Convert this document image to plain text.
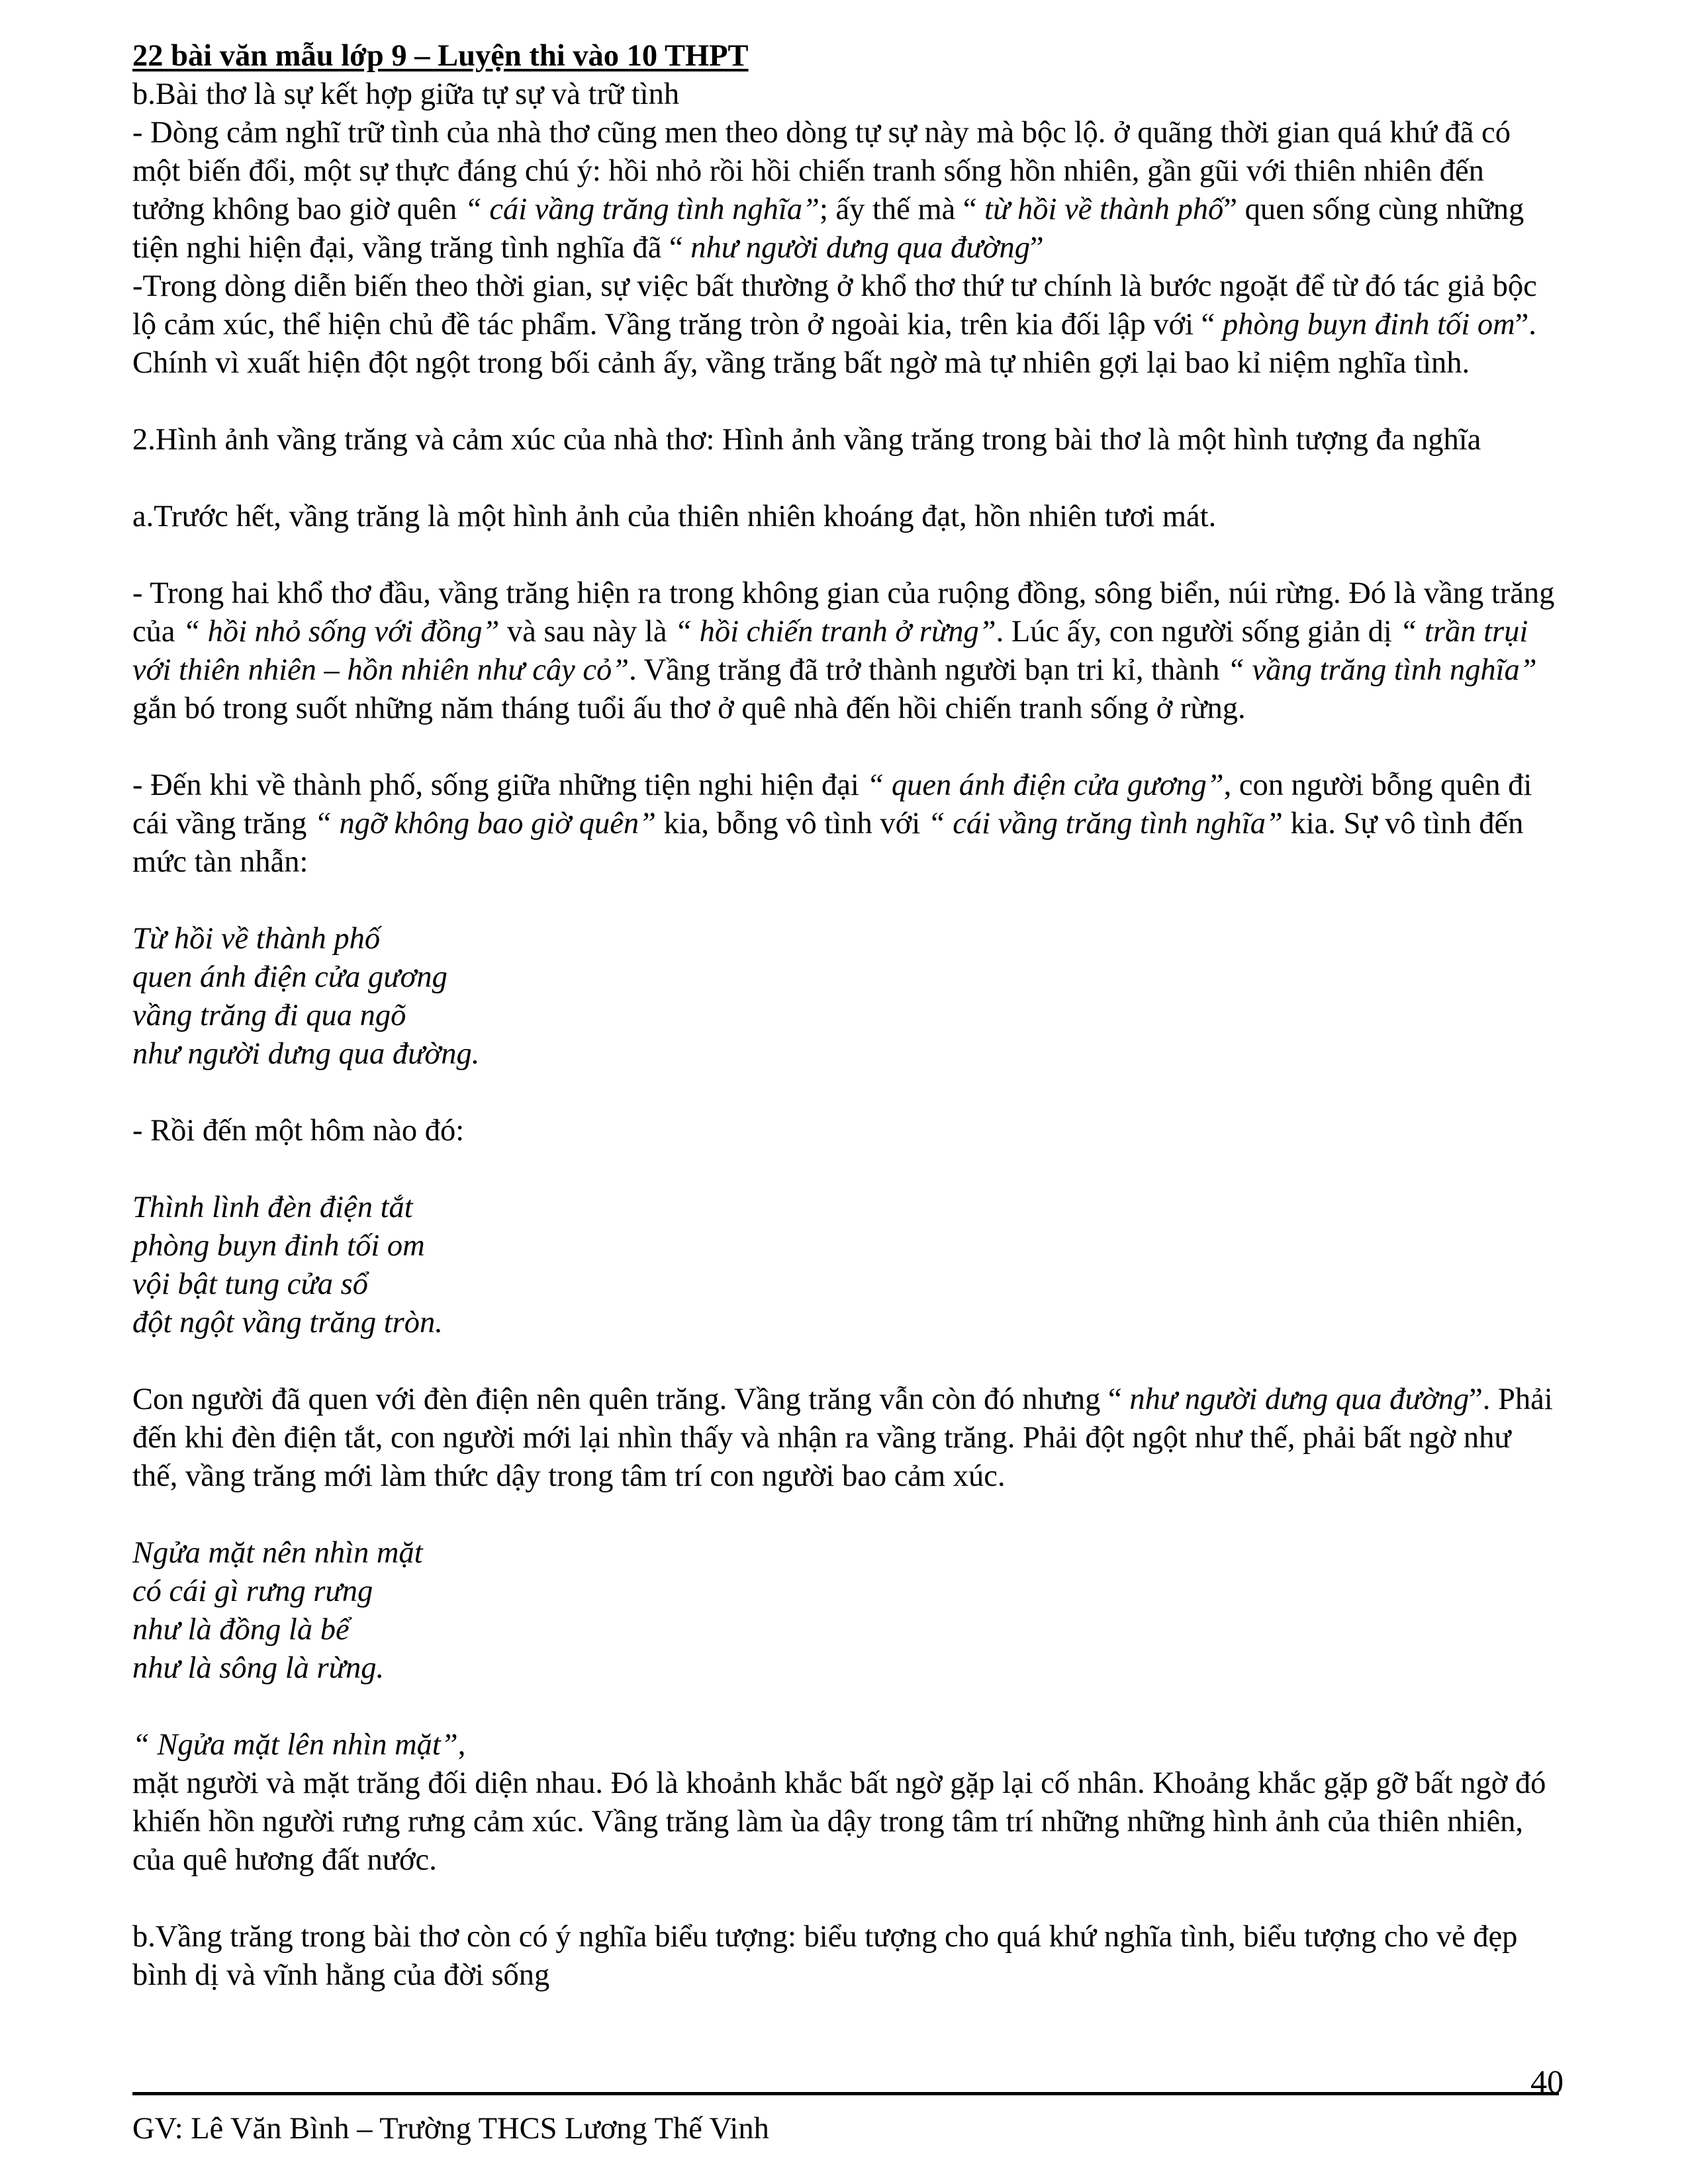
22 bài văn mẫu lớp 9 – Luyện thi vào 10 THPT
b.Bài thơ là sự kết hợp giữa tự sự và trữ tình
- Dòng cảm nghĩ trữ tình của nhà thơ cũng men theo dòng tự sự này mà bộc lộ. ở quãng thời gian quá khứ đã có một biến đổi, một sự thực đáng chú ý: hồi nhỏ rồi hồi chiến tranh sống hồn nhiên, gần gũi với thiên nhiên đến tưởng không bao giờ quên “ cái vầng trăng tình nghĩa”; ấy thế mà “ từ hồi về thành phố” quen sống cùng những tiện nghi hiện đại, vầng trăng tình nghĩa đã “ như người dưng qua đường”
-Trong dòng diễn biến theo thời gian, sự việc bất thường ở khổ thơ thứ tư chính là bước ngoặt để từ đó tác giả bộc lộ cảm xúc, thể hiện chủ đề tác phẩm. Vầng trăng tròn ở ngoài kia, trên kia đối lập với “ phòng buyn đinh tối om”. Chính vì xuất hiện đột ngột trong bối cảnh ấy, vầng trăng bất ngờ mà tự nhiên gợi lại bao kỉ niệm nghĩa tình.
2.Hình ảnh vầng trăng và cảm xúc của nhà thơ: Hình ảnh vầng trăng trong bài thơ là một hình tượng đa nghĩa
a.Trước hết, vầng trăng là một hình ảnh của thiên nhiên khoáng đạt, hồn nhiên tươi mát.
- Trong hai khổ thơ đầu, vầng trăng hiện ra trong không gian của ruộng đồng, sông biển, núi rừng. Đó là vầng trăng của “ hồi nhỏ sống với đồng” và sau này là “ hồi chiến tranh ở rừng”. Lúc ấy, con người sống giản dị “ trần trụi với thiên nhiên – hồn nhiên như cây cỏ”. Vầng trăng đã trở thành người bạn tri kỉ, thành “ vầng trăng tình nghĩa” gắn bó trong suốt những năm tháng tuổi ấu thơ ở quê nhà đến hồi chiến tranh sống ở rừng.
- Đến khi về thành phố, sống giữa những tiện nghi hiện đại “ quen ánh điện cửa gương”, con người bỗng quên đi cái vầng trăng “ ngỡ không bao giờ quên” kia, bỗng vô tình với “ cái vầng trăng tình nghĩa” kia. Sự vô tình đến mức tàn nhẫn:
Từ hồi về thành phố
quen ánh điện cửa gương
vầng trăng đi qua ngõ
như người dưng qua đường.
- Rồi đến một hôm nào đó:
Thình lình đèn điện tắt
phòng buyn đinh tối om
vội bật tung cửa sổ
đột ngột vầng trăng tròn.
Con người đã quen với đèn điện nên quên trăng. Vầng trăng vẫn còn đó nhưng “ như người dưng qua đường”. Phải đến khi đèn điện tắt, con người mới lại nhìn thấy và nhận ra vầng trăng. Phải đột ngột như thế, phải bất ngờ như thế, vầng trăng mới làm thức dậy trong tâm trí con người bao cảm xúc.
Ngửa mặt nên nhìn mặt
có cái gì rưng rưng
như là đồng là bể
như là sông là rừng.
“ Ngửa mặt lên nhìn mặt”,
mặt người và mặt trăng đối diện nhau. Đó là khoảnh khắc bất ngờ gặp lại cố nhân. Khoảng khắc gặp gỡ bất ngờ đó khiến hồn người rưng rưng cảm xúc. Vầng trăng làm ùa dậy trong tâm trí những những hình ảnh của thiên nhiên, của quê hương đất nước.
b.Vầng trăng trong bài thơ còn có ý nghĩa biểu tượng: biểu tượng cho quá khứ nghĩa tình, biểu tượng cho vẻ đẹp bình dị và vĩnh hằng của đời sống
40
GV: Lê Văn Bình – Trường THCS Lương Thế Vinh
